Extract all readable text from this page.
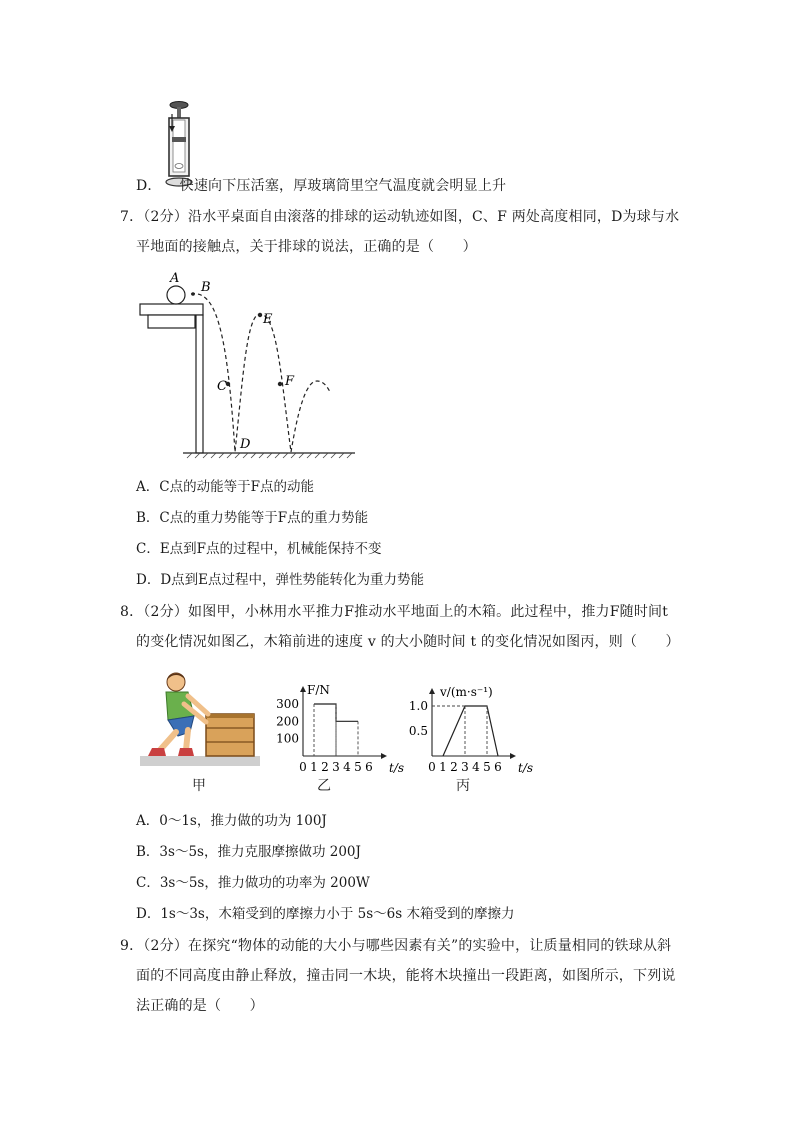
D． 快速向下压活塞，厚玻璃筒里空气温度就会明显上升
7．（2分）沿水平桌面自由滚落的排球的运动轨迹如图，C、F 两处高度相同，D为球与水
平地面的接触点，关于排球的说法，正确的是（　　）
A
B
C
D
E
F
A．C点的动能等于F点的动能
B．C点的重力势能等于F点的重力势能
C．E点到F点的过程中，机械能保持不变
D．D点到E点过程中，弹性势能转化为重力势能
8．（2分）如图甲，小林用水平推力F推动水平地面上的木箱。此过程中，推力F随时间t
的变化情况如图乙，木箱前进的速度 v 的大小随时间 t 的变化情况如图丙，则（　　）
甲
0 1 2 3 4 5 6
100
200
300
t/s
F/N
乙
0 1 2 3 4 5 6
0.5
1.0
t/s
v/(m·s⁻¹)
丙
A．0～1s，推力做的功为 100J
B．3s～5s，推力克服摩擦做功 200J
C．3s～5s，推力做功的功率为 200W
D．1s～3s，木箱受到的摩擦力小于 5s～6s 木箱受到的摩擦力
9．（2分）在探究“物体的动能的大小与哪些因素有关”的实验中，让质量相同的铁球从斜
面的不同高度由静止释放，撞击同一木块，能将木块撞出一段距离，如图所示，下列说
法正确的是（　　）
